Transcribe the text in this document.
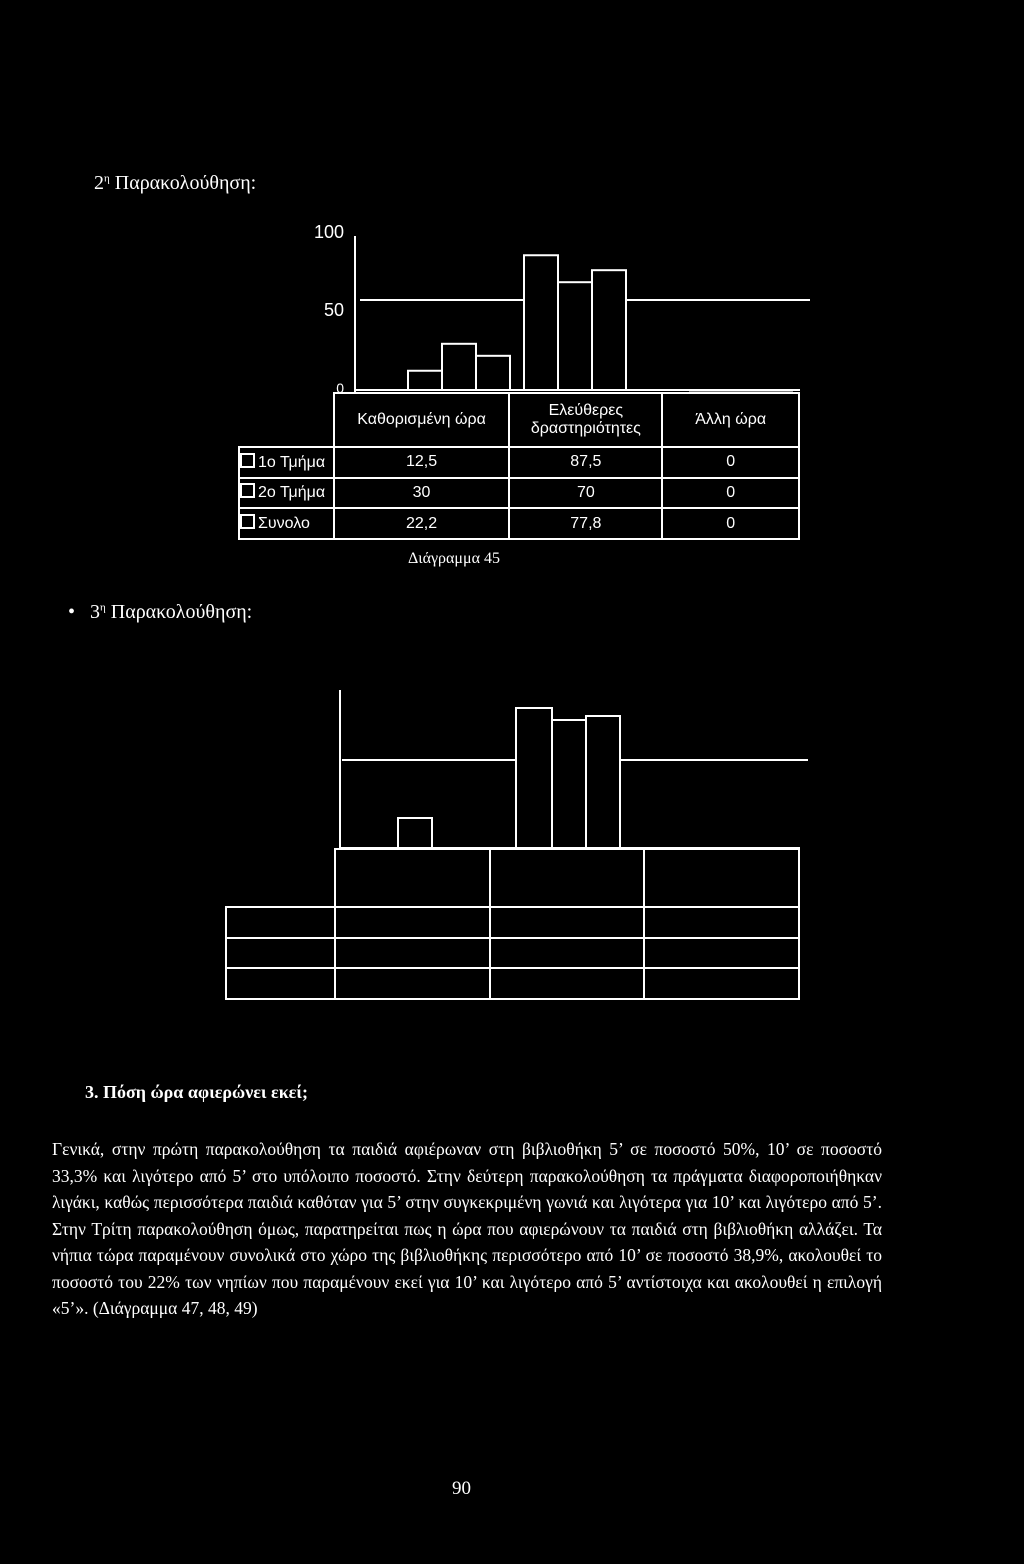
$2^\eta$ Παρακολούθηση:
100
50
0
	Καθορισμένη ώρα	Ελεύθερες δραστηριότητες	Άλλη ώρα
1ο Τμήμα	12,5	87,5	0
2ο Τμήμα	30	70	0
Συνολο	22,2	77,8	0
Διάγραμμα 45
• $3^\eta$ Παρακολούθηση:

3. Πόση ώρα αφιερώνει εκεί;

Γενικά, στην πρώτη παρακολούθηση τα παιδιά αφιέρωναν στη βιβλιοθήκη 5’ σε ποσοστό 50%, 10’ σε ποσοστό 33,3% και λιγότερο από 5’ στο υπόλοιπο ποσοστό. Στην δεύτερη παρακολούθηση τα πράγματα διαφοροποιήθηκαν λιγάκι, καθώς περισσότερα παιδιά καθόταν για 5’ στην συγκεκριμένη γωνιά και λιγότερα για 10’ και λιγότερο από 5’. Στην Τρίτη παρακολούθηση όμως, παρατηρείται πως η ώρα που αφιερώνουν τα παιδιά στη βιβλιοθήκη αλλάζει. Τα νήπια τώρα παραμένουν συνολικά στο χώρο της βιβλιοθήκης περισσότερο από 10’ σε ποσοστό 38,9%, ακολουθεί το ποσοστό του 22% των νηπίων που παραμένουν εκεί για 10’ και λιγότερο από 5’ αντίστοιχα και ακολουθεί η επιλογή «5’». (Διάγραμμα 47, 48, 49)

90
